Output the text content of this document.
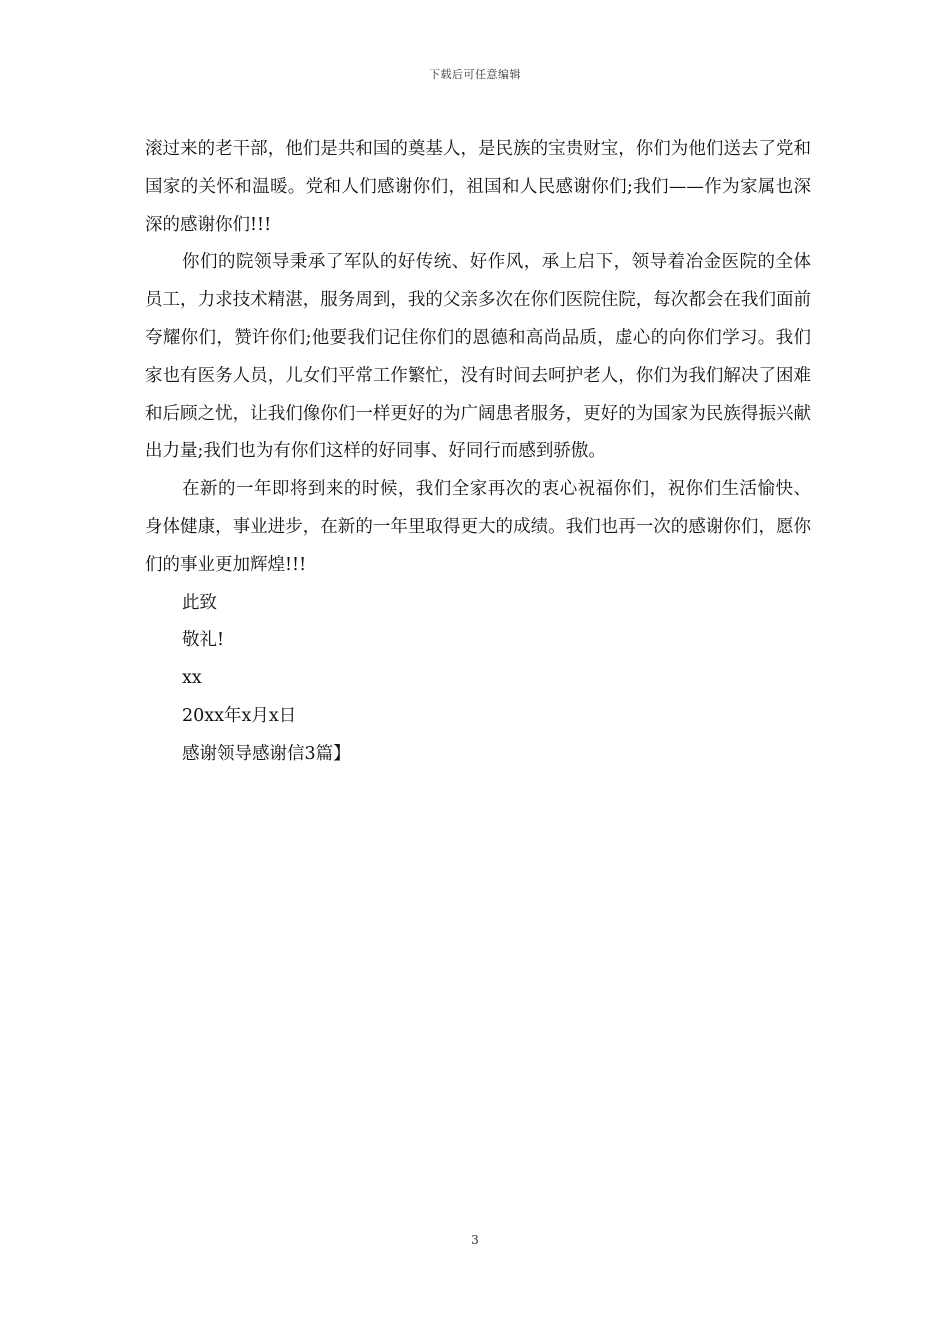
下载后可任意编辑

滚过来的老干部，他们是共和国的奠基人，是民族的宝贵财宝，你们为他们送去了党和国家的关怀和温暖。党和人们感谢你们，祖国和人民感谢你们;我们——作为家属也深深的感谢你们!!!

你们的院领导秉承了军队的好传统、好作风，承上启下，领导着冶金医院的全体员工，力求技术精湛，服务周到，我的父亲多次在你们医院住院，每次都会在我们面前夸耀你们，赞许你们;他要我们记住你们的恩德和高尚品质，虚心的向你们学习。我们家也有医务人员，儿女们平常工作繁忙，没有时间去呵护老人，你们为我们解决了困难和后顾之忧，让我们像你们一样更好的为广阔患者服务，更好的为国家为民族得振兴献出力量;我们也为有你们这样的好同事、好同行而感到骄傲。

在新的一年即将到来的时候，我们全家再次的衷心祝福你们，祝你们生活愉快、身体健康，事业进步，在新的一年里取得更大的成绩。我们也再一次的感谢你们，愿你们的事业更加辉煌!!!

此致

敬礼!

xx

20xx年x月x日

感谢领导感谢信3篇】

3
